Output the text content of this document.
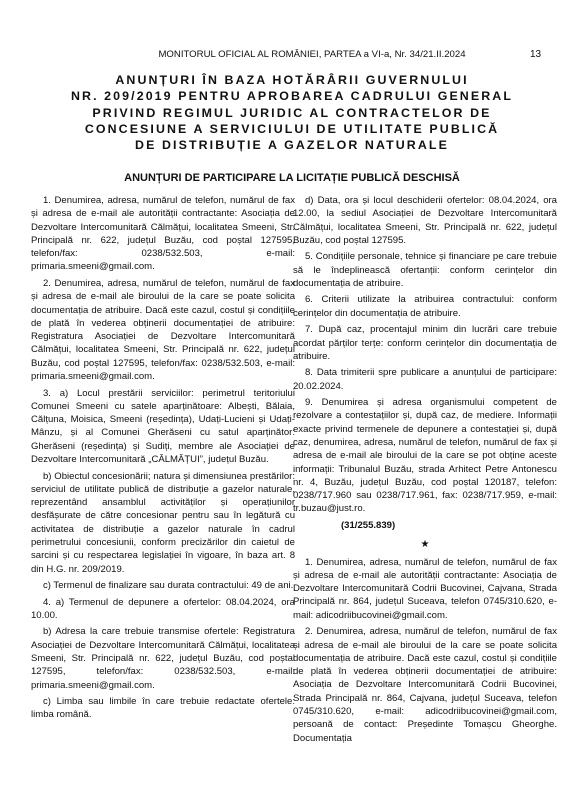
MONITORUL OFICIAL AL ROMÂNIEI, PARTEA a VI-a, Nr. 34/21.II.2024	13
ANUNȚURI ÎN BAZA HOTĂRÂRII GUVERNULUI
NR. 209/2019 PENTRU APROBAREA CADRULUI GENERAL
PRIVIND REGIMUL JURIDIC AL CONTRACTELOR DE
CONCESIUNE A SERVICIULUI DE UTILITATE PUBLICĂ
DE DISTRIBUȚIE A GAZELOR NATURALE
ANUNȚURI DE PARTICIPARE LA LICITAȚIE PUBLICĂ DESCHISĂ

1. Denumirea, adresa, numărul de telefon, numărul de fax și adresa de e-mail ale autorității contractante: Asociația de Dezvoltare Intercomunitară Călmățui, localitatea Smeeni, Str. Principală nr. 622, județul Buzău, cod poștal 127595, telefon/fax: 0238/532.503, e-mail: primaria.smeeni@gmail.com.

2. Denumirea, adresa, numărul de telefon, numărul de fax și adresa de e-mail ale biroului de la care se poate solicita documentația de atribuire. Dacă este cazul, costul și condițiile de plată în vederea obținerii documentației de atribuire: Registratura Asociației de Dezvoltare Intercomunitară Călmățui, localitatea Smeeni, Str. Principală nr. 622, județul Buzău, cod poștal 127595, telefon/fax: 0238/532.503, e-mail: primaria.smeeni@gmail.com.

3. a) Locul prestării serviciilor: perimetrul teritoriului Comunei Smeeni cu satele aparținătoare: Albești, Bălaia, Călțuna, Moisica, Smeeni (reședința), Udați-Lucieni și Udați-Mânzu, și al Comunei Gherăseni cu satul aparținător: Gherăseni (reședința) și Sudiți, membre ale Asociației de Dezvoltare Intercomunitară „CĂLMĂȚUI”, județul Buzău.

b) Obiectul concesionării; natura și dimensiunea prestărilor: serviciul de utilitate publică de distribuție a gazelor naturale, reprezentând ansamblul activităților și operațiunilor desfășurate de către concesionar pentru sau în legătură cu activitatea de distribuție a gazelor naturale în cadrul perimetrului concesiunii, conform precizărilor din caietul de sarcini și cu respectarea legislației în vigoare, în baza art. 8 din H.G. nr. 209/2019.

c) Termenul de finalizare sau durata contractului: 49 de ani.

4. a) Termenul de depunere a ofertelor: 08.04.2024, ora 10.00.

b) Adresa la care trebuie transmise ofertele: Registratura Asociației de Dezvoltare Intercomunitară Călmățui, localitatea Smeeni, Str. Principală nr. 622, județul Buzău, cod poștal 127595, telefon/fax: 0238/532.503, e-mail: primaria.smeeni@gmail.com.

c) Limba sau limbile în care trebuie redactate ofertele: limba română.

d) Data, ora și locul deschiderii ofertelor: 08.04.2024, ora 12.00, la sediul Asociației de Dezvoltare Intercomunitară Călmățui, localitatea Smeeni, Str. Principală nr. 622, județul Buzău, cod poștal 127595.

5. Condițiile personale, tehnice și financiare pe care trebuie să le îndeplinească ofertanții: conform cerințelor din documentația de atribuire.

6. Criterii utilizate la atribuirea contractului: conform cerințelor din documentația de atribuire.

7. După caz, procentajul minim din lucrări care trebuie acordat părților terțe: conform cerințelor din documentația de atribuire.

8. Data trimiterii spre publicare a anunțului de participare: 20.02.2024.

9. Denumirea și adresa organismului competent de rezolvare a contestațiilor și, după caz, de mediere. Informații exacte privind termenele de depunere a contestației și, după caz, denumirea, adresa, numărul de telefon, numărul de fax și adresa de e-mail ale biroului de la care se pot obține aceste informații: Tribunalul Buzău, strada Arhitect Petre Antonescu nr. 4, Buzău, județul Buzău, cod poștal 120187, telefon: 0238/717.960 sau 0238/717.961, fax: 0238/717.959, e-mail: tr.buzau@just.ro.

(31/255.839)
★

1. Denumirea, adresa, numărul de telefon, numărul de fax și adresa de e-mail ale autorității contractante: Asociația de Dezvoltare Intercomunitară Codrii Bucovinei, Cajvana, Strada Principală nr. 864, județul Suceava, telefon 0745/310.620, e-mail: adicodriibucovinei@gmail.com.

2. Denumirea, adresa, numărul de telefon, numărul de fax și adresa de e-mail ale biroului de la care se poate solicita documentația de atribuire. Dacă este cazul, costul și condițiile de plată în vederea obținerii documentației de atribuire: Asociația de Dezvoltare Intercomunitară Codrii Bucovinei, Strada Principală nr. 864, Cajvana, județul Suceava, telefon 0745/310.620, e-mail: adicodriibucovinei@gmail.com, persoană de contact: Președinte Tomașcu Gheorghe. Documentația
